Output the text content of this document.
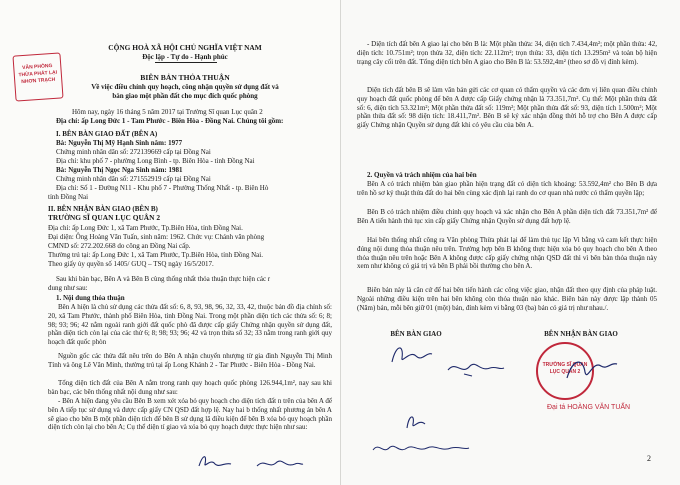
VĂN PHÒNG THỪA PHÁT LẠI NHƠN TRẠCH
CỘNG HOÀ XÃ HỘI CHỦ NGHĨA VIỆT NAM
Độc lập - Tự do - Hạnh phúc
BIÊN BẢN THỎA THUẬN
Về việc điều chỉnh quy hoạch, công nhận quyền sử dụng đất và
bàn giao một phần đất cho mục đích quốc phòng
Hôm nay, ngày 16 tháng 5 năm 2017 tại Trường Sĩ quan Lục quân 2
Địa chỉ: ấp Long Đức 1 - Tam Phước - Biên Hòa - Đồng Nai. Chúng tôi gồm:
I. BÊN BÀN GIAO ĐẤT (BÊN A)
Bà: Nguyễn Thị Mỹ Hạnh Sinh năm: 1977
Chứng minh nhân dân số: 272139669 cấp tại Đồng Nai
Địa chỉ: khu phố 7 - phường Long Bình - tp. Biên Hòa - tỉnh Đồng Nai
Bà: Nguyễn Thị Ngọc Nga Sinh năm: 1981
Chứng minh nhân dân số: 271552919 cấp tại Đồng Nai
Địa chỉ: Số 1 - Đường N11 - Khu phố 7 - Phường Thống Nhất - tp. Biên Hò
tỉnh Đồng Nai
II. BÊN NHẬN BÀN GIAO (BÊN B)
TRƯỜNG SĨ QUAN LỤC QUÂN 2
Địa chỉ: ấp Long Đức 1, xã Tam Phước, Tp.Biên Hòa, tỉnh Đồng Nai.
Đại diện: Ông Hoàng Văn Tuấn, sinh năm: 1962. Chức vụ: Chánh văn phòng
CMND số: 272.202.668 do công an Đồng Nai cấp.
Thường trú tại: ấp Long Đức 1, xã Tam Phước, Tp.Biên Hòa, tỉnh Đồng Nai.
Theo giấy ủy quyền số 1405/ GUQ – TSQ ngày 16/5/2017.
Sau khi bàn bạc, Bên A và Bên B cùng thống nhất thỏa thuận thực hiện các r
dung như sau:
1. Nội dung thỏa thuận
Bên A hiện là chủ sử dụng các thửa đất số: 6, 8, 93, 98, 96, 32, 33, 42, thuộc bản đồ địa chính số: 20, xã Tam Phước, thành phố Biên Hòa, tỉnh Đồng Nai. Trong một phần diện tích các thửa số: 6; 8; 98; 93; 96; 42 nằm ngoài ranh giới đất quốc phò đã được cấp giấy Chứng nhận quyền sử dụng đất, phần diện tích còn lại của các thử 6; 8; 98; 93; 96; 42 và trọn thửa số 32; 33 nằm trong ranh giới quy hoạch đất quốc phòn
Nguồn gốc các thửa đất nêu trên do Bên A nhận chuyển nhượng từ gia đình Nguyễn Thị Minh Tính và ông Lê Văn Minh, thường trú tại ấp Long Khánh 2 - Tar Phước - Biên Hòa - Đồng Nai.
Tổng diện tích đất của Bên A nằm trong ranh quy hoạch quốc phòng 126.944,1m², nay sau khi bàn bạc, các bên thống nhất nội dung như sau:
- Bên A hiện đang yêu cầu Bên B xem xét xóa bỏ quy hoạch cho diện tích đất n trên của bên A để bên A tiếp tục sử dụng và được cấp giấy CN QSD đất hợp lệ. Nay hai b thống nhất phương án bên A sẽ giao cho bên B một phần diện tích để bên B sử dụng lâ điều kiện để bên B xóa bỏ quy hoạch phần diện tích còn lại cho bên A; Cụ thể diện tí giao và xóa bỏ quy hoạch được thực hiện như sau:
- Diện tích đất bên A giao lại cho bên B là: Một phần thửa: 34, diện tích 7.434,4m²; một phần thửa: 42, diện tích: 10.751m²; trọn thửa 32, diện tích: 22.112m²; trọn thửa: 33, diện tích 13.295m² và toàn bộ hiện trạng cây cối trên đất. Tổng diện tích bên A giao cho Bên B là: 53.592,4m² (theo sơ đồ vị đính kèm).
Diện tích đất bên B sẽ làm văn bản gửi các cơ quan có thẩm quyền và các đơn vị liên quan điều chỉnh quy hoạch đất quốc phòng để bên A được cấp Giấy chứng nhận là 73.351,7m². Cụ thể: Một phần thửa đất số: 6, diện tích 53.321m²; Một phần thửa đất số: 119m²; Một phần thửa đất số: 93, diện tích 1.500m²; Một phần thửa đất số: 98 diện tích: 18.411,7m². Bên B sẽ ký xác nhận đồng thời hỗ trợ cho Bên A được cấp giấy Chứng nhận Quyền sử dụng đất khi có yêu cầu của bên A.
2. Quyền và trách nhiệm của hai bên
Bên A có trách nhiệm bàn giao phần hiện trạng đất có diện tích khoảng: 53.592,4m² cho Bên B dựa trên hồ sơ ký thuật thửa đất do hai bên cùng xác định lại ranh do cơ quan nhà nước có thẩm quyền lập;
Bên B có trách nhiệm điều chỉnh quy hoạch và xác nhận cho Bên A phần diện tích đất 73.351,7m² để Bên A tiến hành thủ tục xin cấp giấy Chứng nhận Quyền sử dụng đất hợp lệ.
Hai bên thống nhất công ra Văn phòng Thừa phát lại để làm thủ tục lập Vi bằng và cam kết thực hiện đúng nội dung thỏa thuận nêu trên. Trường hợp bên B không thực hiện xóa bỏ quy hoạch cho bên A theo thỏa thuận nêu trên hoặc Bên A không được cấp giấy chứng nhận QSD đất thì vì bên bàn thỏa thuận này xem như không có giá trị và bên B phải bồi thường cho bên A.
Biên bản này là căn cứ để hai bên tiến hành các công việc giao, nhận đất theo quy định của pháp luật. Ngoài những điều kiện trên hai bên không còn thỏa thuận nào khác. Biên bản này được lập thành 05 (Năm) bản, mỗi bên giữ 01 (một) bản, đính kèm vi bằng 03 (ba) bản có giá trị như nhau./.
BÊN BÀN GIAO	BÊN NHẬN BÀN GIAO
TRƯỜNG SĨ QUAN LỤC QUÂN 2
Đại tá HOÀNG VĂN TUẤN
2
